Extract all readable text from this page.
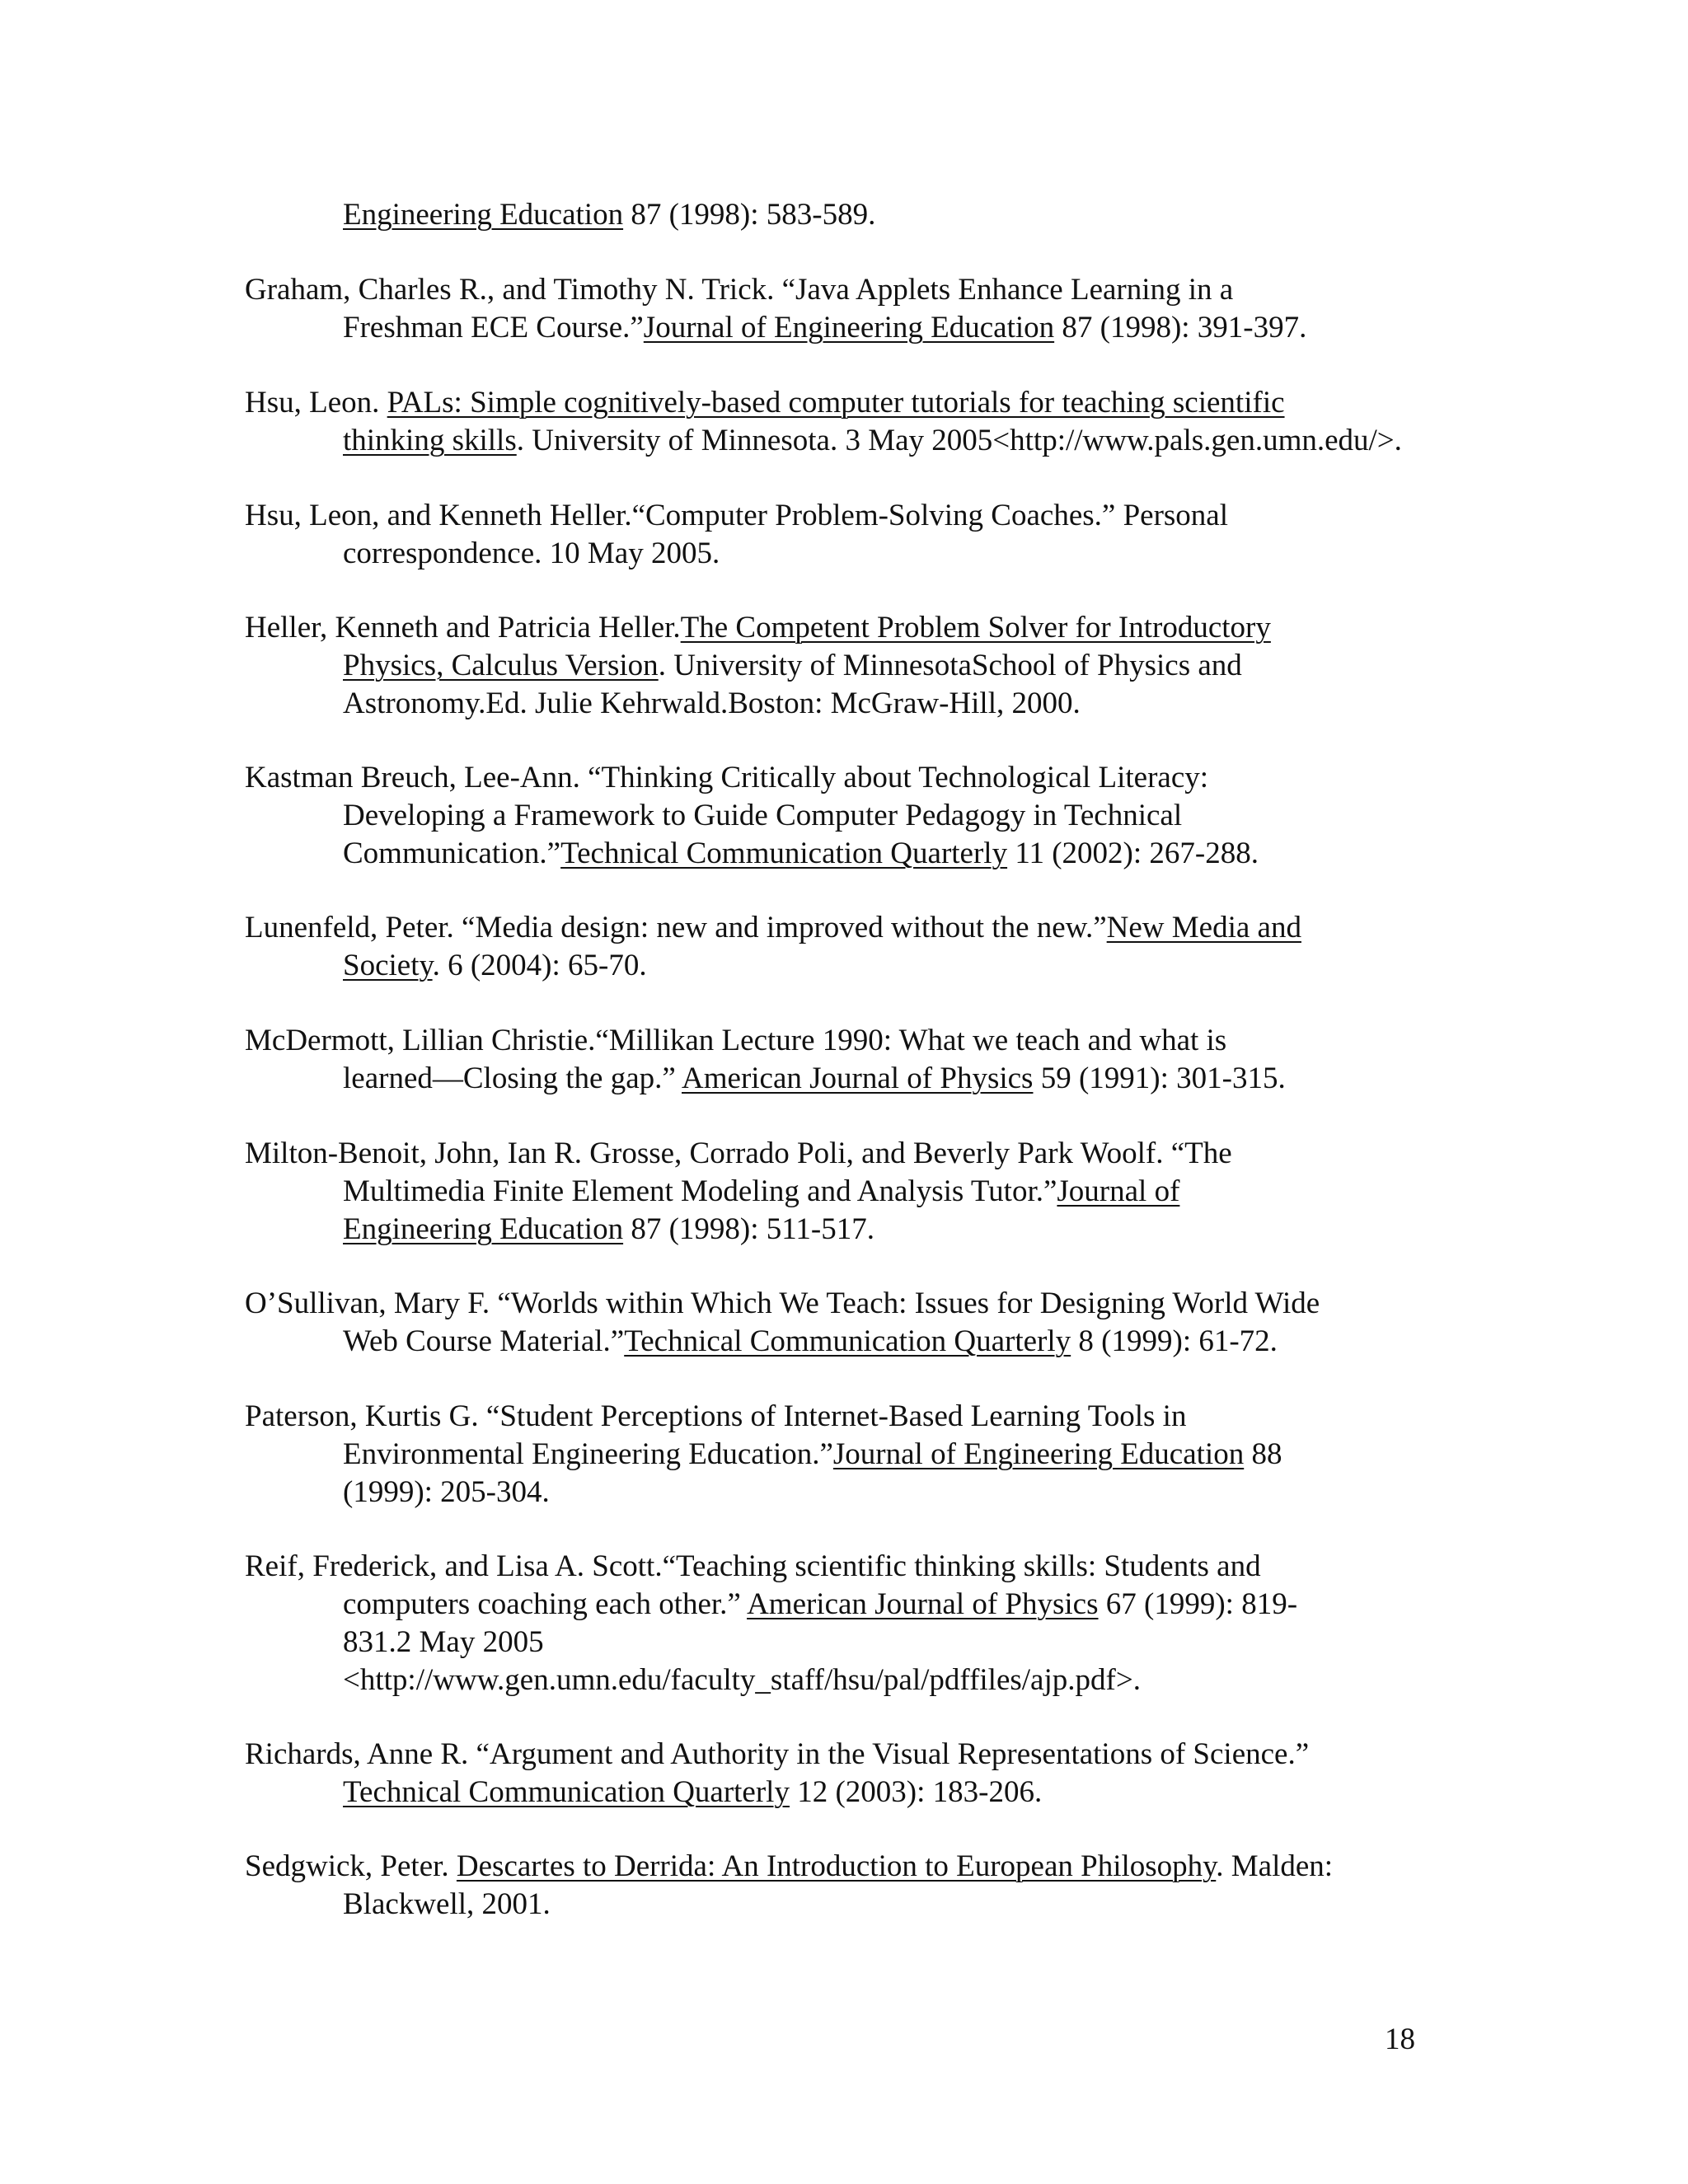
Engineering Education 87 (1998): 583-589.
Graham, Charles R., and Timothy N. Trick. “Java Applets Enhance Learning in a
Freshman ECE Course.”Journal of Engineering Education 87 (1998): 391-397.
Hsu, Leon. PALs: Simple cognitively-based computer tutorials for teaching scientific
thinking skills. University of Minnesota. 3 May 2005<http://www.pals.gen.umn.edu/>.
Hsu, Leon, and Kenneth Heller.“Computer Problem-Solving Coaches.” Personal
correspondence. 10 May 2005.
Heller, Kenneth and Patricia Heller.The Competent Problem Solver for Introductory
Physics, Calculus Version. University of MinnesotaSchool of Physics and
Astronomy.Ed. Julie Kehrwald.Boston: McGraw-Hill, 2000.
Kastman Breuch, Lee-Ann. “Thinking Critically about Technological Literacy:
Developing a Framework to Guide Computer Pedagogy in Technical
Communication.”Technical Communication Quarterly 11 (2002): 267-288.
Lunenfeld, Peter. “Media design: new and improved without the new.”New Media and
Society. 6 (2004): 65-70.
McDermott, Lillian Christie.“Millikan Lecture 1990: What we teach and what is
learned—Closing the gap.” American Journal of Physics 59 (1991): 301-315.
Milton-Benoit, John, Ian R. Grosse, Corrado Poli, and Beverly Park Woolf. “The
Multimedia Finite Element Modeling and Analysis Tutor.”Journal of
Engineering Education 87 (1998): 511-517.
O’Sullivan, Mary F. “Worlds within Which We Teach: Issues for Designing World Wide
Web Course Material.”Technical Communication Quarterly 8 (1999): 61-72.
Paterson, Kurtis G. “Student Perceptions of Internet-Based Learning Tools in
Environmental Engineering Education.”Journal of Engineering Education 88
(1999): 205-304.
Reif, Frederick, and Lisa A. Scott.“Teaching scientific thinking skills: Students and
computers coaching each other.” American Journal of Physics 67 (1999): 819-
831.2 May 2005
<http://www.gen.umn.edu/faculty_staff/hsu/pal/pdffiles/ajp.pdf>.
Richards, Anne R. “Argument and Authority in the Visual Representations of Science.”
Technical Communication Quarterly 12 (2003): 183-206.
Sedgwick, Peter. Descartes to Derrida: An Introduction to European Philosophy. Malden:
Blackwell, 2001.
18
